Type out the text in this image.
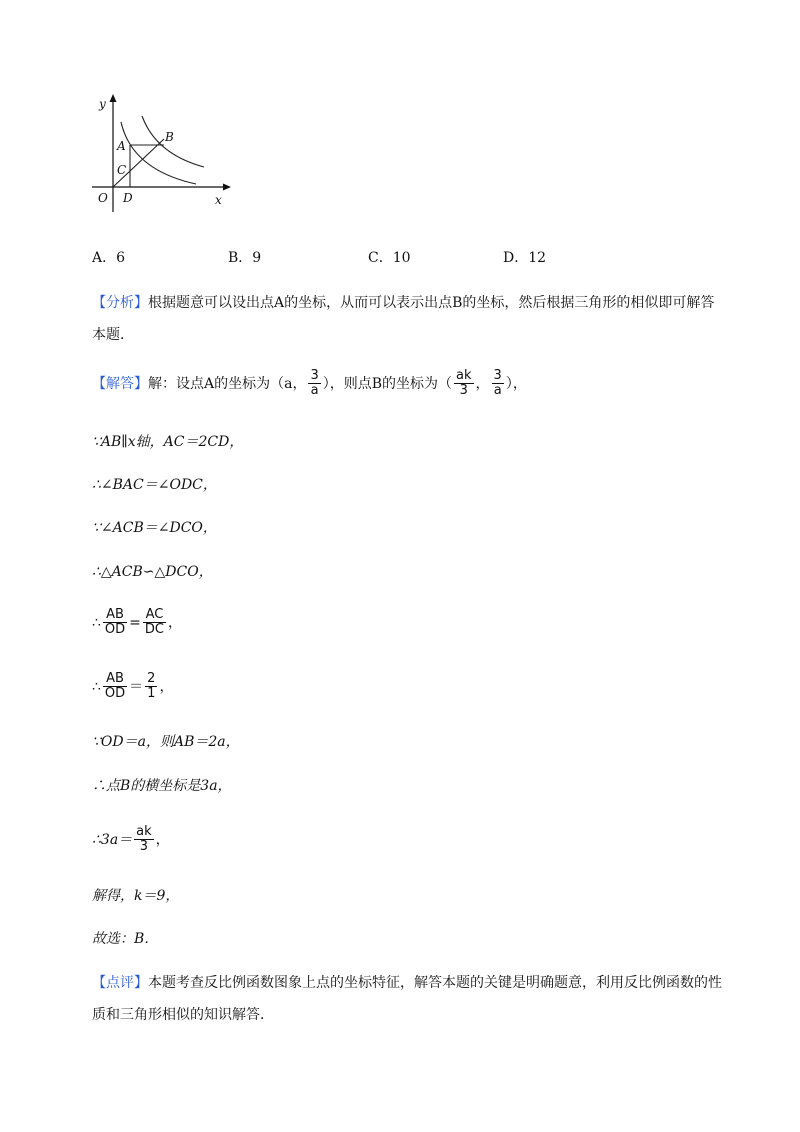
y
x
O
A
B
C
D
A．6	B．9	C．10	D．12
【分析】根据题意可以设出点A的坐标，从而可以表示出点B的坐标，然后根据三角形的相似即可解答
本题．
【解答】解：设点A的坐标为（a， $\frac{3}{a}$ ），则点B的坐标为（ $\frac{ak}{3}$ ， $\frac{3}{a}$ ），
∵AB∥x轴，AC＝2CD，
∴∠BAC＝∠ODC，
∵∠ACB＝∠DCO，
∴△ACB∽△DCO，
∴ $\frac{AB}{OD} = \frac{AC}{DC}$ ，
∴ $\frac{AB}{OD} = \frac{2}{1}$ ，
∵OD＝a，则AB＝2a，
∴点B的横坐标是3a，
∴3a＝ $\frac{ak}{3}$ ，
解得，k＝9，
故选：B．
【点评】本题考查反比例函数图象上点的坐标特征，解答本题的关键是明确题意，利用反比例函数的性
质和三角形相似的知识解答．
